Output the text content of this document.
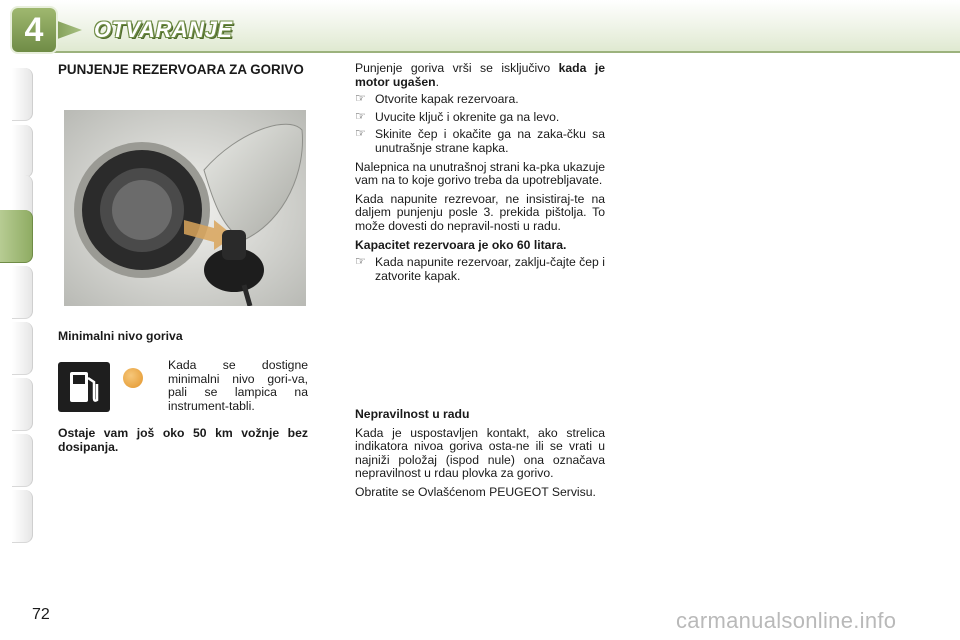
4	OTVARANJE
PUNJENJE REZERVOARA ZA GORIVO
Minimalni nivo goriva
Kada se dostigne minimalni nivo gori-va, pali se lampica na instrument-tabli.
Ostaje vam još oko 50 km vožnje bez dosipanja.

Punjenje goriva vrši se isključivo kada je motor ugašen.

☞ Otvorite kapak rezervoara.
☞ Uvucite ključ i okrenite ga na levo.
☞ Skinite čep i okačite ga na zaka-čku sa unutrašnje strane kapka.

Nalepnica na unutrašnoj strani ka-pka ukazuje vam na to koje gorivo treba da upotrebljavate.

Kada napunite rezrevoar, ne insistiraj-te na daljem punjenju posle 3. prekida pištolja. To može dovesti do nepravil-nosti u radu.

Kapacitet rezervoara je oko 60 litara.

☞ Kada napunite rezervoar, zaklju-čajte čep i zatvorite kapak.

Nepravilnost u radu

Kada je uspostavljen kontakt, ako strelica indikatora nivoa goriva osta-ne ili se vrati u najniži položaj (ispod nule) ona označava nepravilnost u rdau plovka za gorivo.

Obratite se Ovlašćenom PEUGEOT Servisu.

72	carmanualsonline.info
